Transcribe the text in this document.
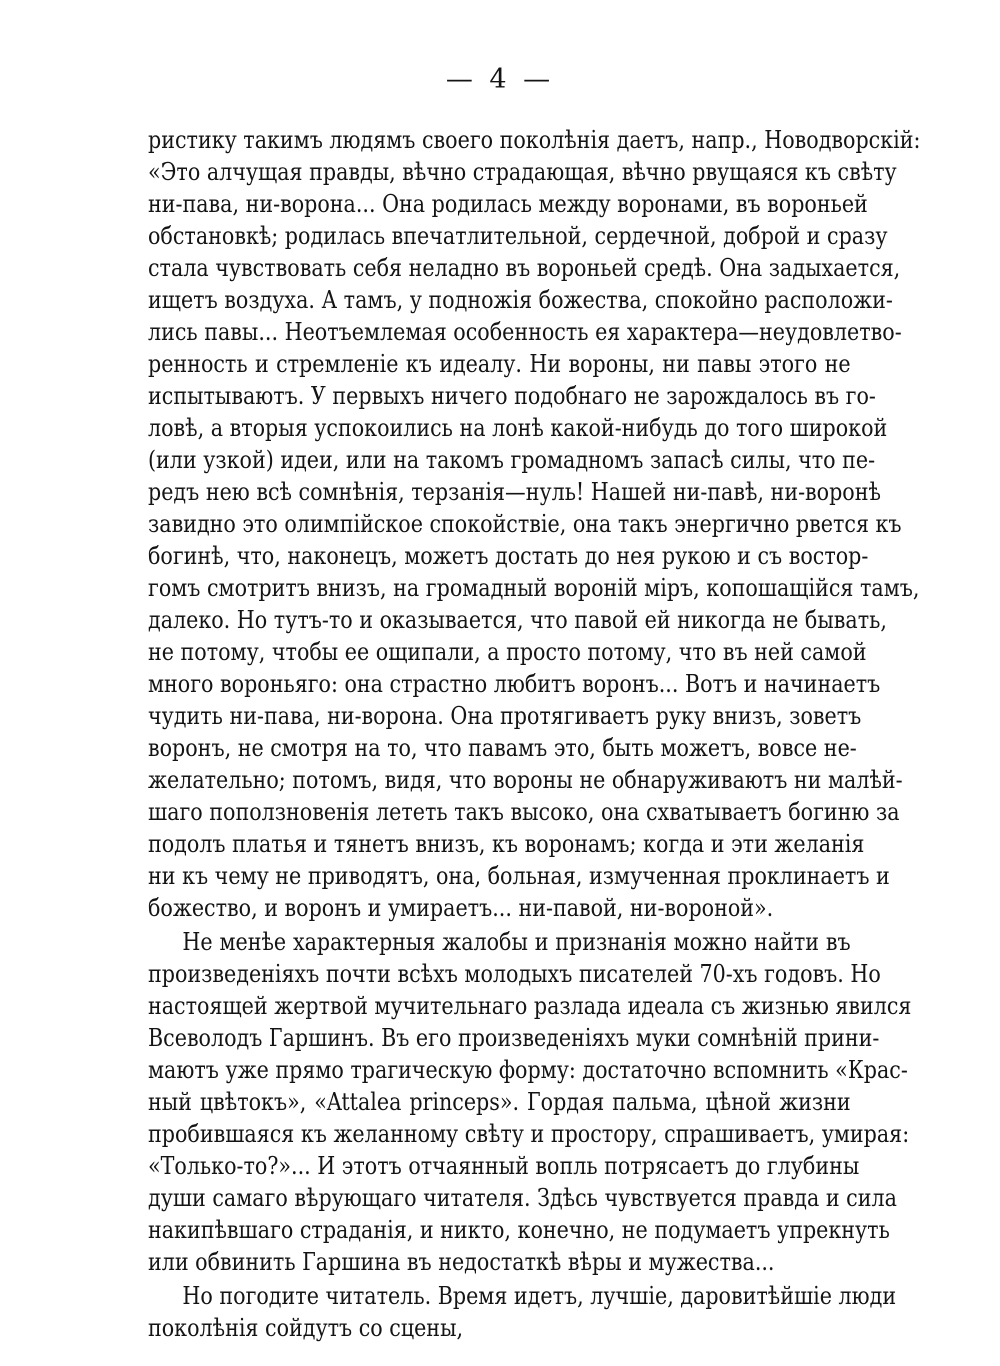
— 4 —
ристику такимъ людямъ своего поколѣнія даетъ, напр., Новодворскій:
«Это алчущая правды, вѣчно страдающая, вѣчно рвущаяся къ свѣту
ни-пава, ни-ворона... Она родилась между воронами, въ вороньей
обстановкѣ; родилась впечатлительной, сердечной, доброй и сразу
стала чувствовать себя неладно въ вороньей средѣ. Она задыхается,
ищетъ воздуха. А тамъ, у подножія божества, спокойно расположи-
лись павы... Неотъемлемая особенность ея характера—неудовлетво-
ренность и стремленіе къ идеалу. Ни вороны, ни павы этого не
испытываютъ. У первыхъ ничего подобнаго не зарождалось въ го-
ловѣ, а вторыя успокоились на лонѣ какой-нибудь до того широкой
(или узкой) идеи, или на такомъ громадномъ запасѣ силы, что пе-
редъ нею всѣ сомнѣнія, терзанія—нуль! Нашей ни-павѣ, ни-воронѣ
завидно это олимпійское спокойствіе, она такъ энергично рвется къ
богинѣ, что, наконецъ, можетъ достать до нея рукою и съ востор-
гомъ смотритъ внизъ, на громадный вороній міръ, копошащійся тамъ,
далеко. Но тутъ-то и оказывается, что павой ей никогда не бывать,
не потому, чтобы ее ощипали, а просто потому, что въ ней самой
много вороньяго: она страстно любитъ воронъ... Вотъ и начинаетъ
чудить ни-пава, ни-ворона. Она протягиваетъ руку внизъ, зоветъ
воронъ, не смотря на то, что павамъ это, быть можетъ, вовсе не-
желательно; потомъ, видя, что вороны не обнаруживаютъ ни малѣй-
шаго поползновенія лететь такъ высоко, она схватываетъ богиню за
подолъ платья и тянетъ внизъ, къ воронамъ; когда и эти желанія
ни къ чему не приводятъ, она, больная, измученная проклинаетъ и
божество, и воронъ и умираетъ... ни-павой, ни-вороной».
Не менѣе характерныя жалобы и признанія можно найти въ
произведеніяхъ почти всѣхъ молодыхъ писателей 70-хъ годовъ. Но
настоящей жертвой мучительнаго разлада идеала съ жизнью явился
Всеволодъ Гаршинъ. Въ его произведеніяхъ муки сомнѣній прини-
маютъ уже прямо трагическую форму: достаточно вспомнить «Крас-
ный цвѣтокъ», «Attalea princeps». Гордая пальма, цѣной жизни
пробившаяся къ желанному свѣту и простору, спрашиваетъ, умирая:
«Только-то?»... И этотъ отчаянный вопль потрясаетъ до глубины
души самаго вѣрующаго читателя. Здѣсь чувствуется правда и сила
накипѣвшаго страданія, и никто, конечно, не подумаетъ упрекнуть
или обвинить Гаршина въ недостаткѣ вѣры и мужества...
Но погодите читатель. Время идетъ, лучшіе, даровитѣйшіе люди
поколѣнія сойдутъ со сцены,
